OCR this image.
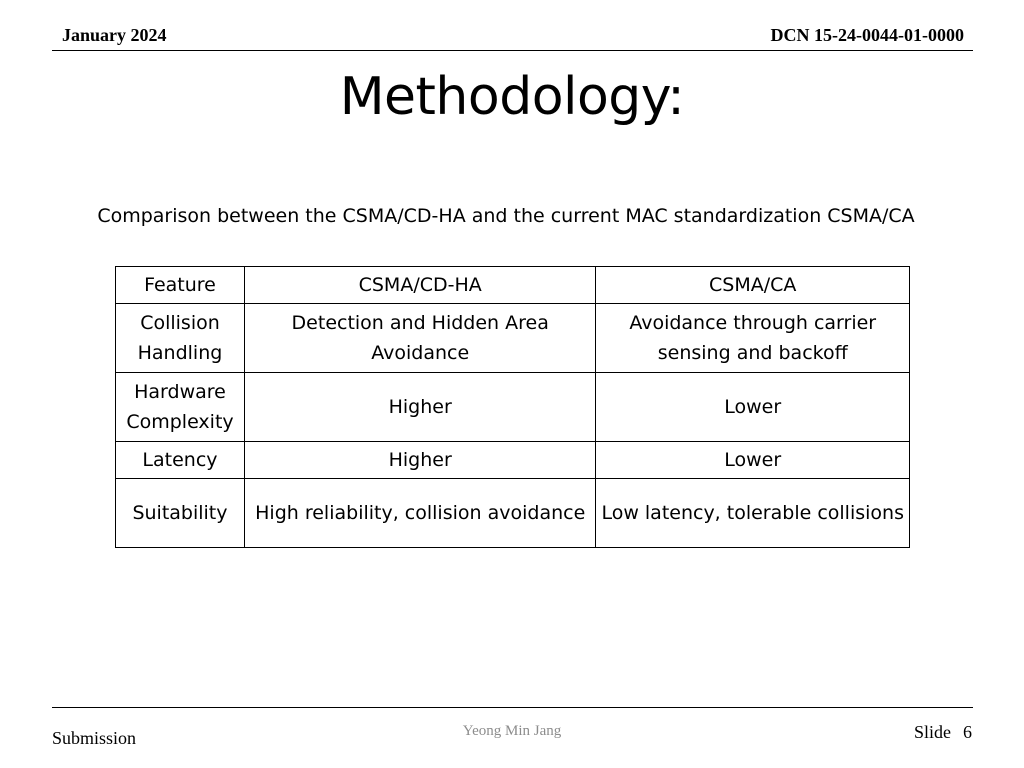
January 2024	DCN 15-24-0044-01-0000
Methodology:
Comparison between the CSMA/CD-HA and the current MAC standardization CSMA/CA
Feature	CSMA/CD-HA	CSMA/CA
Collision Handling	Detection and Hidden Area Avoidance	Avoidance through carrier sensing and backoff
Hardware Complexity	Higher	Lower
Latency	Higher	Lower
Suitability	High reliability, collision avoidance	Low latency, tolerable collisions
Submission	Yeong Min Jang	Slide 6
